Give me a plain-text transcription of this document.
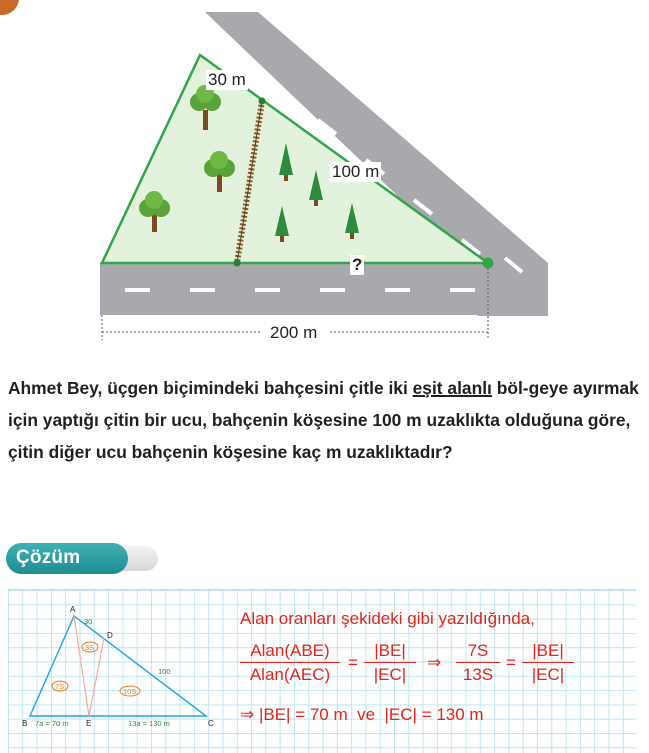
30 m
100 m
?
200 m

Ahmet Bey, üçgen biçimindeki bahçesini çitle iki eşit alanlı böl-geye ayırmak için yaptığı çitin bir ucu, bahçenin köşesine 100 m uzaklıkta olduğuna göre, çitin diğer ucu bahçenin köşesine kaç m uzaklıktadır?

Çözüm
A
D
B	E	C
30
100
3S
7S
10S
7a = 70 m	13a = 130 m
Alan oranları şekideki gibi yazıldığında,
Alan(ABE)
Alan(AEC)
= $\frac{|BE|}{|EC|}$ ⇒ $\frac{7S}{13S} = \frac{|BE|}{|EC|}$
⇒ |BE| = 70 m  ve  |EC| = 130 m
